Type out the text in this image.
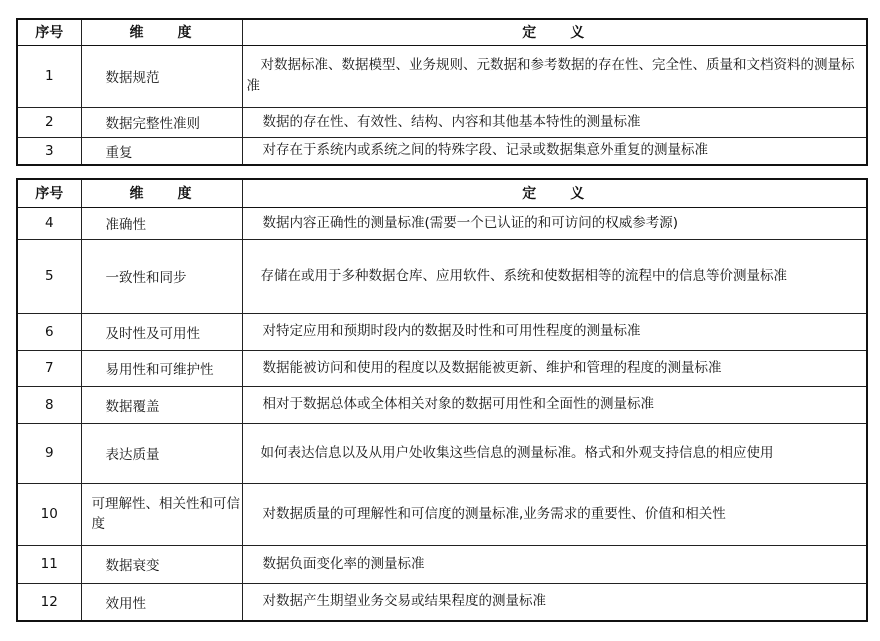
序号	维　　度	定　　义
1	数据规范	对数据标准、数据模型、业务规则、元数据和参考数据的存在性、完全性、质量和文档资料的测量标准
2	数据完整性准则	数据的存在性、有效性、结构、内容和其他基本特性的测量标准
3	重复	对存在于系统内或系统之间的特殊字段、记录或数据集意外重复的测量标准
序号	维　　度	定　　义
4	准确性	数据内容正确性的测量标准(需要一个已认证的和可访问的权威参考源)
5	一致性和同步	存储在或用于多种数据仓库、应用软件、系统和使数据相等的流程中的信息等价测量标准
6	及时性及可用性	对特定应用和预期时段内的数据及时性和可用性程度的测量标准
7	易用性和可维护性	数据能被访问和使用的程度以及数据能被更新、维护和管理的程度的测量标准
8	数据覆盖	相对于数据总体或全体相关对象的数据可用性和全面性的测量标准
9	表达质量	如何表达信息以及从用户处收集这些信息的测量标准。格式和外观支持信息的相应使用
10	可理解性、相关性和可信度	对数据质量的可理解性和可信度的测量标准,业务需求的重要性、价值和相关性
11	数据衰变	数据负面变化率的测量标准
12	效用性	对数据产生期望业务交易或结果程度的测量标准
